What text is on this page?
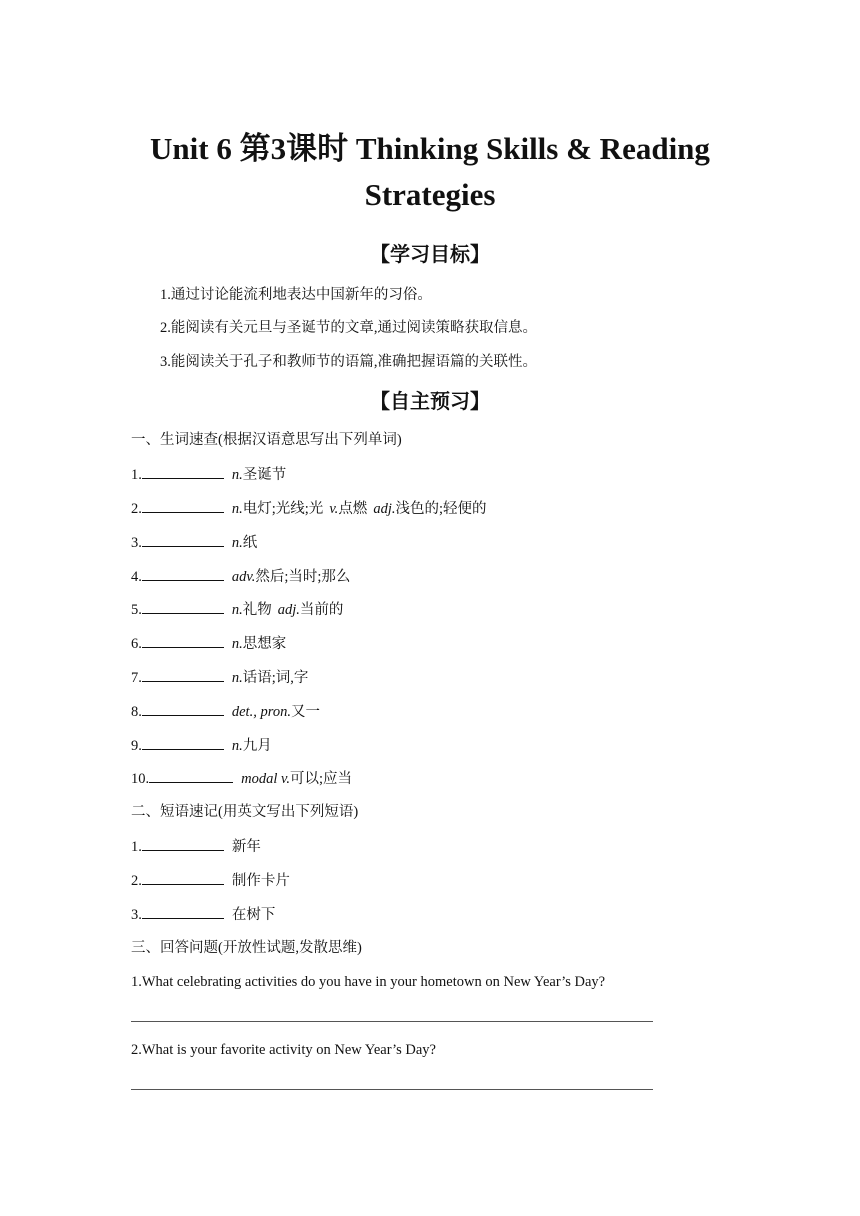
Unit 6 第3课时 Thinking Skills & Reading
Strategies
【学习目标】
1.通过讨论能流利地表达中国新年的习俗。
2.能阅读有关元旦与圣诞节的文章,通过阅读策略获取信息。
3.能阅读关于孔子和教师节的语篇,准确把握语篇的关联性。
【自主预习】
一、生词速查(根据汉语意思写出下列单词)
1.	n.圣诞节
2.	n.电灯;光线;光 v.点燃 adj.浅色的;轻便的
3.	n.纸
4.	adv.然后;当时;那么
5.	n.礼物 adj.当前的
6.	n.思想家
7.	n.话语;词,字
8.	det., pron.又一
9.	n.九月
10.	modal v.可以;应当
二、短语速记(用英文写出下列短语)
1.	新年
2.	制作卡片
3.	在树下
三、回答问题(开放性试题,发散思维)
1.What celebrating activities do you have in your hometown on New Year’s Day?
2.What is your favorite activity on New Year’s Day?
